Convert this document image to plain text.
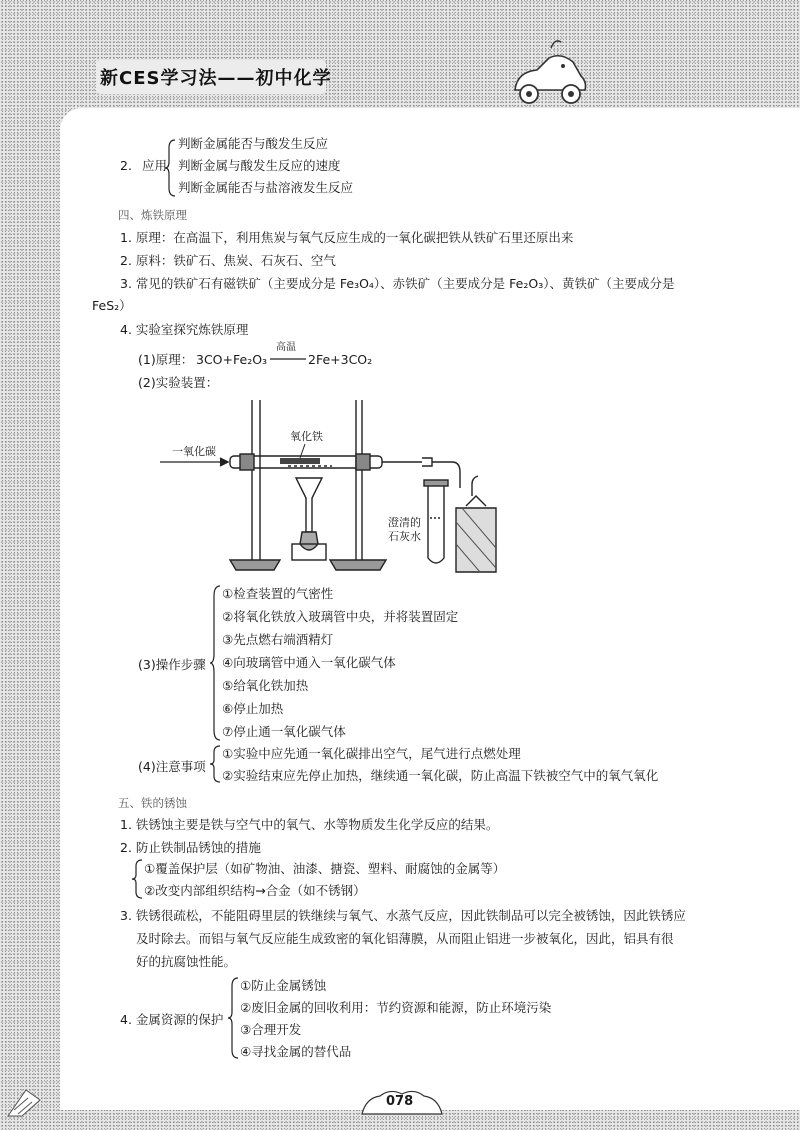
新CES学习法——初中化学
2. 应用
判断金属能否与酸发生反应
判断金属与酸发生反应的速度
判断金属能否与盐溶液发生反应
四、炼铁原理
1. 原理：在高温下，利用焦炭与氧气反应生成的一氧化碳把铁从铁矿石里还原出来
2. 原料：铁矿石、焦炭、石灰石、空气
3. 常见的铁矿石有磁铁矿（主要成分是 Fe₃O₄）、赤铁矿（主要成分是 Fe₂O₃）、黄铁矿（主要成分是
FeS₂）
4. 实验室探究炼铁原理
(1)原理： 3CO+Fe₂O₃
高温
2Fe+3CO₂
(2)实验装置：
氧化铁
一氧化碳
澄清的
石灰水
(3)操作步骤
①检查装置的气密性
②将氧化铁放入玻璃管中央，并将装置固定
③先点燃右端酒精灯
④向玻璃管中通入一氧化碳气体
⑤给氧化铁加热
⑥停止加热
⑦停止通一氧化碳气体
(4)注意事项
①实验中应先通一氧化碳排出空气，尾气进行点燃处理
②实验结束应先停止加热，继续通一氧化碳，防止高温下铁被空气中的氧气氧化
五、铁的锈蚀
1. 铁锈蚀主要是铁与空气中的氧气、水等物质发生化学反应的结果。
2. 防止铁制品锈蚀的措施
①覆盖保护层（如矿物油、油漆、搪瓷、塑料、耐腐蚀的金属等）
②改变内部组织结构→合金（如不锈钢）
3. 铁锈很疏松，不能阻碍里层的铁继续与氧气、水蒸气反应，因此铁制品可以完全被锈蚀，因此铁锈应
及时除去。而铝与氧气反应能生成致密的氧化铝薄膜，从而阻止铝进一步被氧化，因此，铝具有很
好的抗腐蚀性能。
4. 金属资源的保护
①防止金属锈蚀
②废旧金属的回收利用：节约资源和能源，防止环境污染
③合理开发
④寻找金属的替代品
078
